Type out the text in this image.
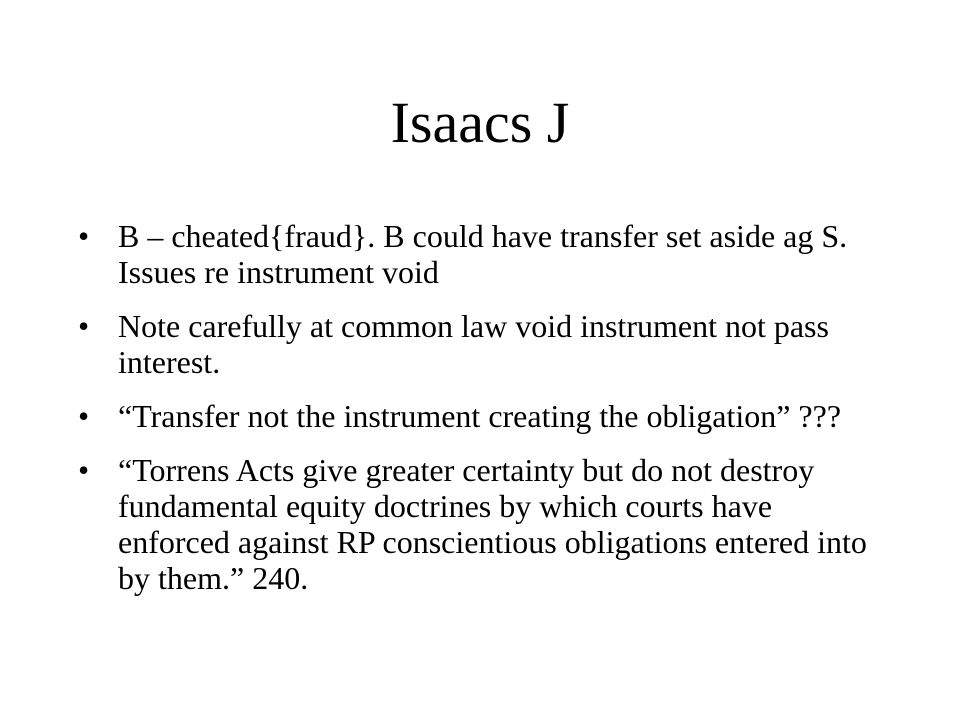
Isaacs J
• B – cheated{fraud}. B could have transfer set aside ag S. Issues re instrument void
• Note carefully at common law void instrument not pass interest.
• “Transfer not the instrument creating the obligation” ???
• “Torrens Acts give greater certainty but do not destroy fundamental equity doctrines by which courts have enforced against RP conscientious obligations entered into by them.” 240.
